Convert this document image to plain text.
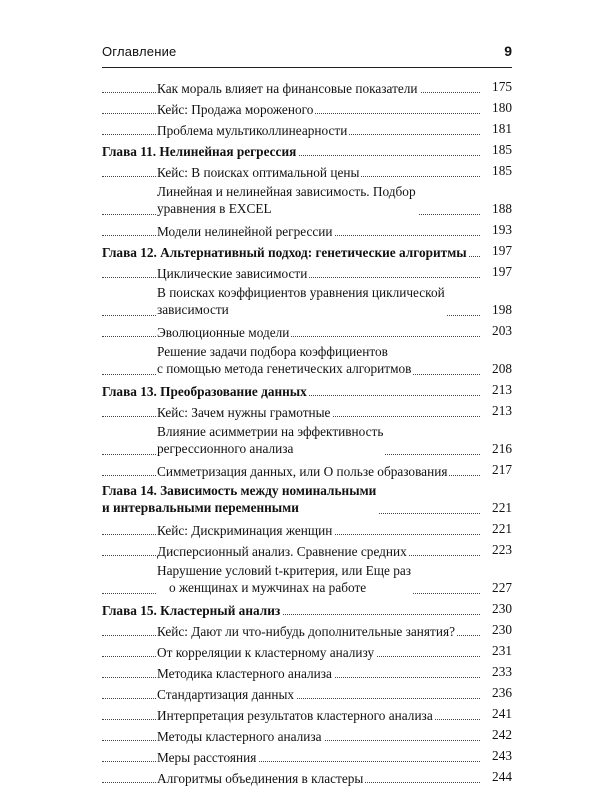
Оглавление	9
Как мораль влияет на финансовые показатели	175
Кейс: Продажа мороженого	180
Проблема мультиколлинеарности	181
Глава 11. Нелинейная регрессия	185
Кейс: В поисках оптимальной цены	185
Линейная и нелинейная зависимость. Подбор
уравнения в EXCEL	188
Модели нелинейной регрессии	193
Глава 12. Альтернативный подход: генетические алгоритмы	197
Циклические зависимости	197
В поисках коэффициентов уравнения циклической
зависимости	198
Эволюционные модели	203
Решение задачи подбора коэффициентов
с помощью метода генетических алгоритмов	208
Глава 13. Преобразование данных	213
Кейс: Зачем нужны грамотные	213
Влияние асимметрии на эффективность
регрессионного анализа	216
Симметризация данных, или О пользе образования	217
Глава 14. Зависимость между номинальными
и интервальными переменными	221
Кейс: Дискриминация женщин	221
Дисперсионный анализ. Сравнение средних	223
Нарушение условий t-критерия, или Еще раз
о женщинах и мужчинах на работе	227
Глава 15. Кластерный анализ	230
Кейс: Дают ли что-нибудь дополнительные занятия?	230
От корреляции к кластерному анализу	231
Методика кластерного анализа	233
Стандартизация данных	236
Интерпретация результатов кластерного анализа	241
Методы кластерного анализа	242
Меры расстояния	243
Алгоритмы объединения в кластеры	244
